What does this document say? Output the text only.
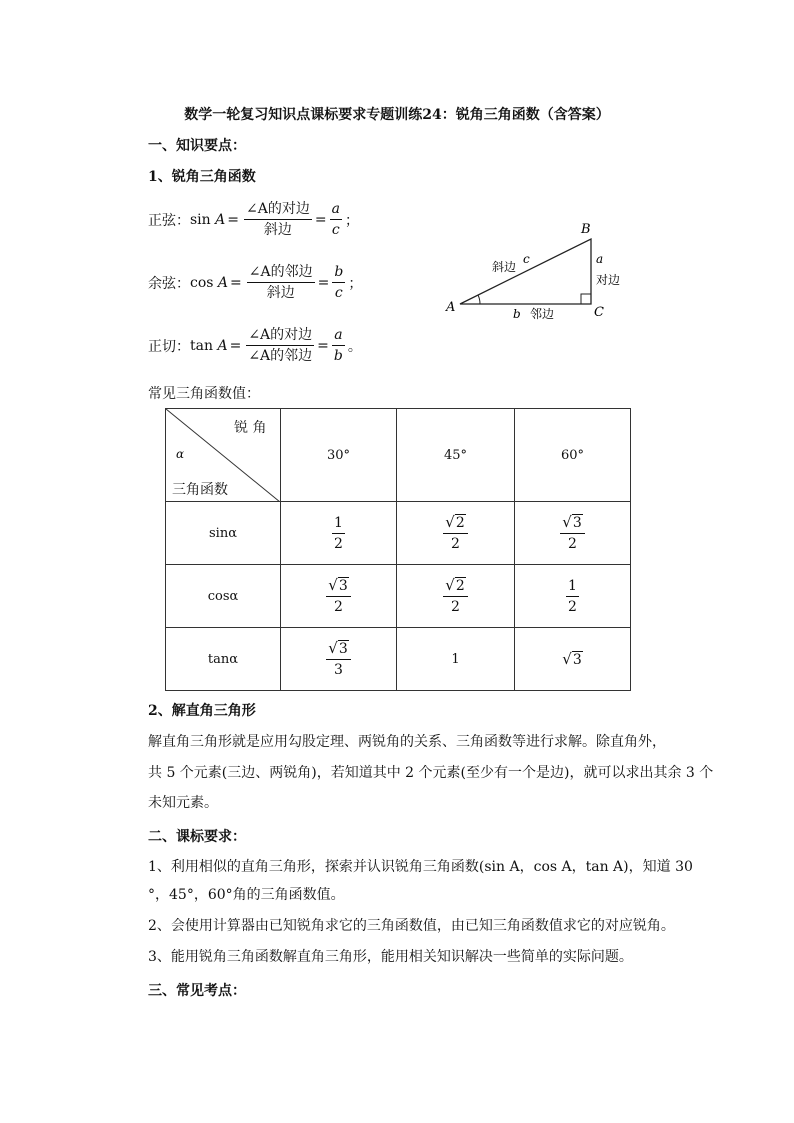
数学一轮复习知识点课标要求专题训练24：锐角三角函数（含答案）
一、知识要点：
1、锐角三角函数
正弦： sin
$A = \frac{\text{∠A的对边}}{\text{斜边}} = \frac{a}{c}$ ；
余弦： cos
$A = \frac{\text{∠A的邻边}}{\text{斜边}} = \frac{b}{c}$ ；
正切： tan
$A = \frac{\text{∠A的对边}}{\text{∠A的邻边}} = \frac{a}{b}$ 。
A
B
C
a
对边
b 邻边
斜边
c
常见三角函数值：
锐 角
α
三角函数	30°	45°	60°
sinα	$\frac{1}{2}$	$\frac{√ 2}{2}$	$\frac{√ 3}{2}$

cosα	$\frac{√ 3}{2}$	$\frac{√ 2}{2}$	$\frac{1}{2}$

tanα	$\frac{√ 3}{3}$	1	√ 3
2、解直角三角形
解直角三角形就是应用勾股定理、两锐角的关系、三角函数等进行求解。除直角外，
共 5 个元素(三边、两锐角)，若知道其中 2 个元素(至少有一个是边)，就可以求出其余 3 个
未知元素。
二、课标要求：
1、利用相似的直角三角形，探索并认识锐角三角函数(sin A，cos A，tan A)，知道 30
°，45°，60°角的三角函数值。
2、会使用计算器由已知锐角求它的三角函数值，由已知三角函数值求它的对应锐角。
3、能用锐角三角函数解直角三角形，能用相关知识解决一些简单的实际问题。
三、常见考点：
